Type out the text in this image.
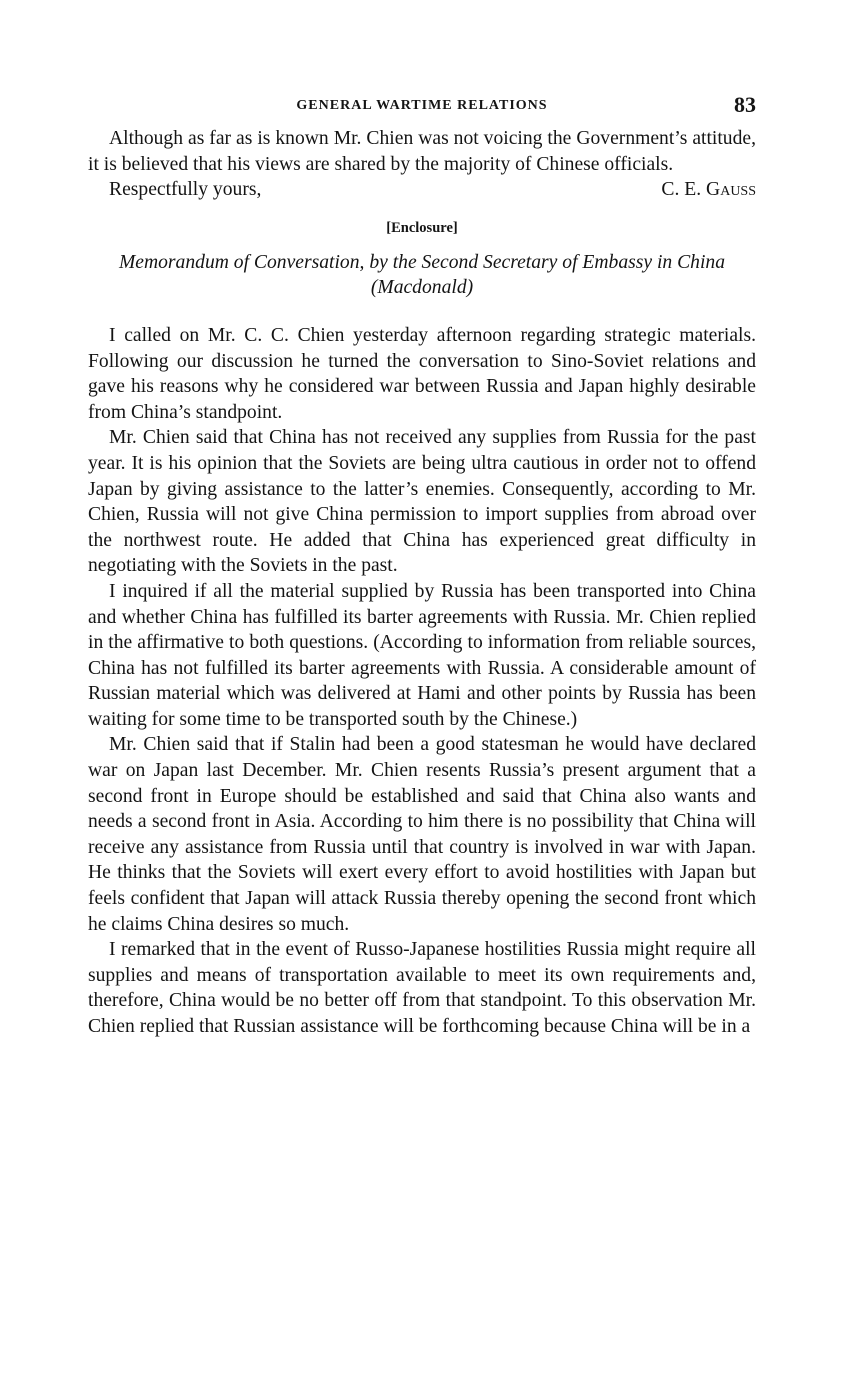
GENERAL WARTIME RELATIONS	83

Although as far as is known Mr. Chien was not voicing the Government’s attitude, it is believed that his views are shared by the majority of Chinese officials.

Respectfully yours,	C. E. Gauss
[Enclosure]

Memorandum of Conversation, by the Second Secretary of Embassy in China (Macdonald)

I called on Mr. C. C. Chien yesterday afternoon regarding strategic materials. Following our discussion he turned the conversation to Sino-Soviet relations and gave his reasons why he considered war between Russia and Japan highly desirable from China’s standpoint.

Mr. Chien said that China has not received any supplies from Russia for the past year. It is his opinion that the Soviets are being ultra cautious in order not to offend Japan by giving assistance to the latter’s enemies. Consequently, according to Mr. Chien, Russia will not give China permission to import supplies from abroad over the northwest route. He added that China has experienced great difficulty in negotiating with the Soviets in the past.

I inquired if all the material supplied by Russia has been transported into China and whether China has fulfilled its barter agreements with Russia. Mr. Chien replied in the affirmative to both questions. (According to information from reliable sources, China has not fulfilled its barter agreements with Russia. A considerable amount of Russian material which was delivered at Hami and other points by Russia has been waiting for some time to be transported south by the Chinese.)

Mr. Chien said that if Stalin had been a good statesman he would have declared war on Japan last December. Mr. Chien resents Russia’s present argument that a second front in Europe should be established and said that China also wants and needs a second front in Asia. According to him there is no possibility that China will receive any assistance from Russia until that country is involved in war with Japan. He thinks that the Soviets will exert every effort to avoid hostilities with Japan but feels confident that Japan will attack Russia thereby opening the second front which he claims China desires so much.

I remarked that in the event of Russo-Japanese hostilities Russia might require all supplies and means of transportation available to meet its own requirements and, therefore, China would be no better off from that standpoint. To this observation Mr. Chien replied that Russian assistance will be forthcoming because China will be in a
